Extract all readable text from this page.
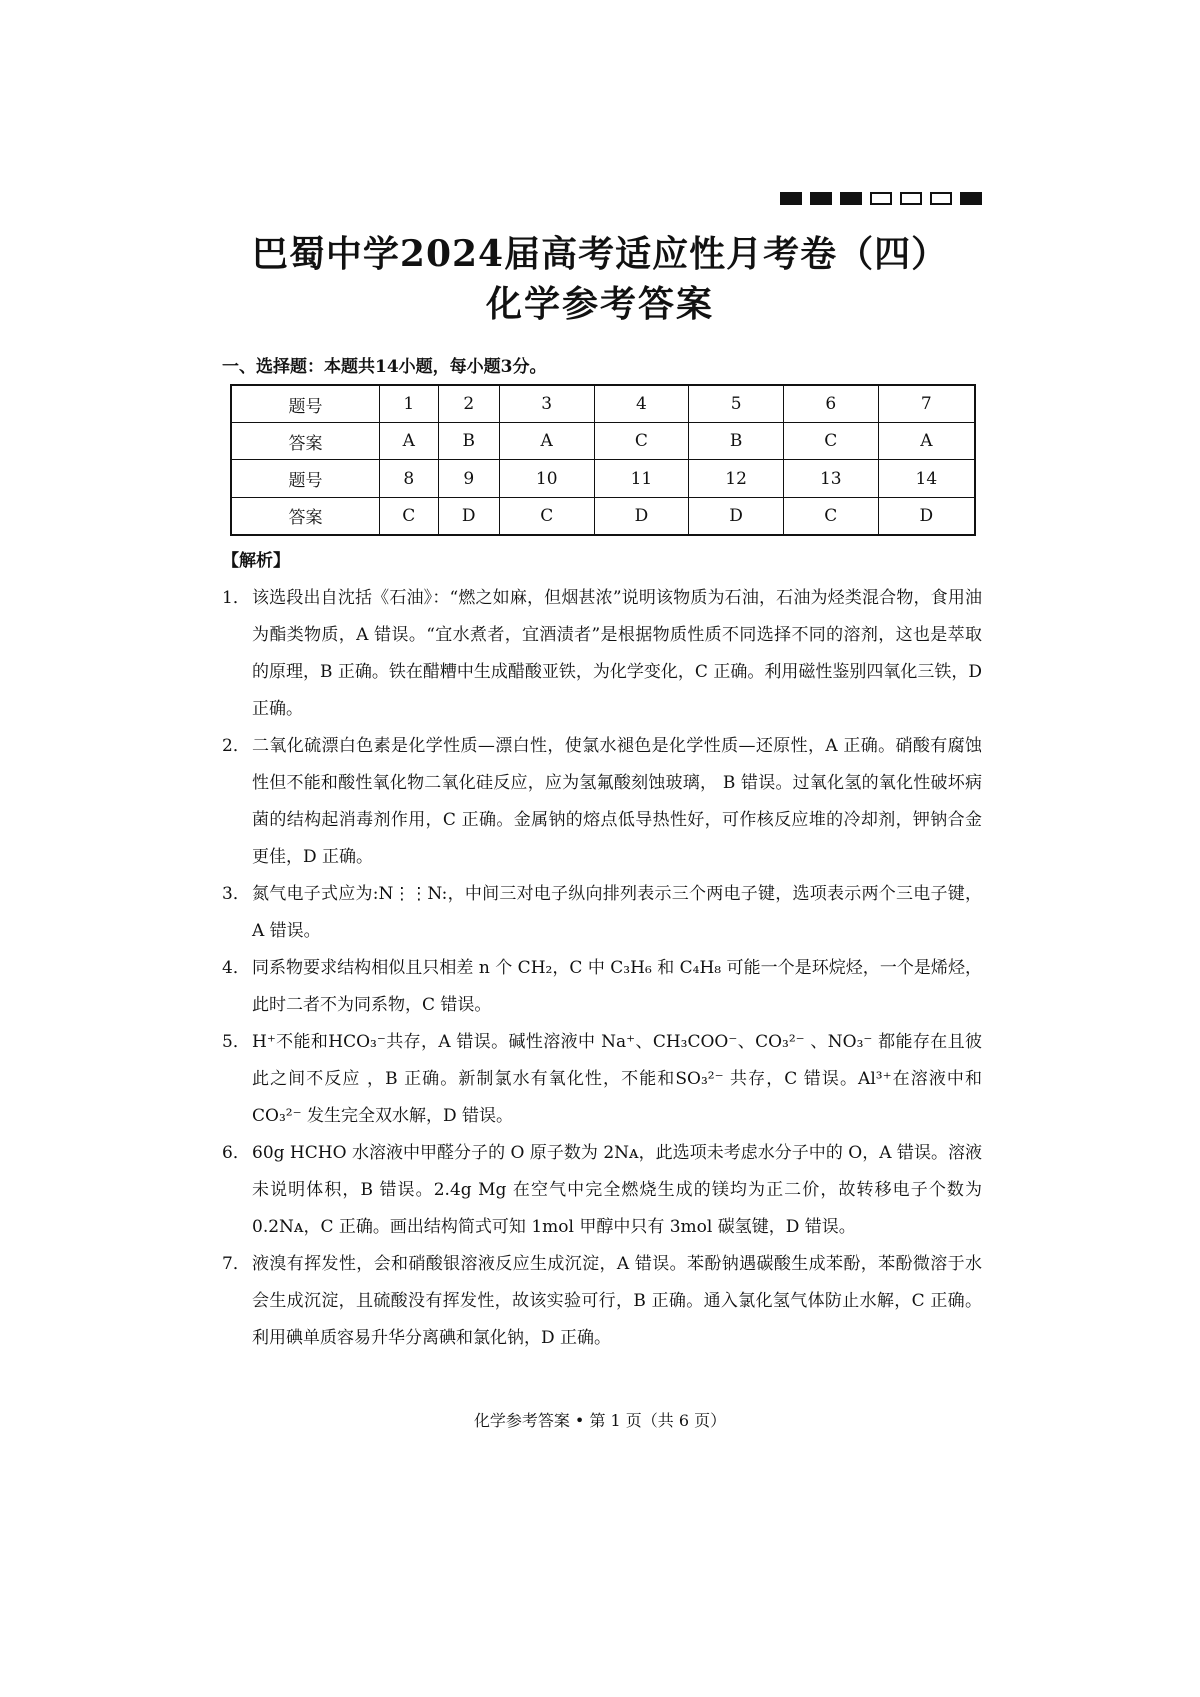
巴蜀中学2024届高考适应性月考卷（四）
化学参考答案
一、选择题：本题共14小题，每小题3分。
题号	1	2	3	4	5	6	7
答案	A	B	A	C	B	C	A
题号	8	9	10	11	12	13	14
答案	C	D	C	D	D	C	D
【解析】
1． 该选段出自沈括《石油》：“燃之如麻，但烟甚浓”说明该物质为石油，石油为烃类混合物，食用油为酯类物质，A 错误。“宜水煮者，宜酒渍者”是根据物质性质不同选择不同的溶剂，这也是萃取的原理，B 正确。铁在醋糟中生成醋酸亚铁，为化学变化，C 正确。利用磁性鉴别四氧化三铁，D 正确。
2． 二氧化硫漂白色素是化学性质—漂白性，使氯水褪色是化学性质—还原性，A 正确。硝酸有腐蚀性但不能和酸性氧化物二氧化硅反应，应为氢氟酸刻蚀玻璃， B 错误。过氧化氢的氧化性破坏病菌的结构起消毒剂作用，C 正确。金属钠的熔点低导热性好，可作核反应堆的冷却剂，钾钠合金更佳，D 正确。
3． 氮气电子式应为:N⋮⋮N:，中间三对电子纵向排列表示三个两电子键，选项表示两个三电子键，A 错误。
4． 同系物要求结构相似且只相差 n 个 CH₂，C 中 C₃H₆ 和 C₄H₈ 可能一个是环烷烃，一个是烯烃，此时二者不为同系物，C 错误。
5． H⁺不能和HCO₃⁻共存，A 错误。碱性溶液中 Na⁺、CH₃COO⁻、CO₃²⁻ 、NO₃⁻ 都能存在且彼此之间不反应 ，B 正确。新制氯水有氧化性，不能和SO₃²⁻ 共存，C 错误。Al³⁺在溶液中和CO₃²⁻ 发生完全双水解，D 错误。
6． 60g HCHO 水溶液中甲醛分子的 O 原子数为 2Nᴀ，此选项未考虑水分子中的 O，A 错误。溶液未说明体积，B 错误。2.4g Mg 在空气中完全燃烧生成的镁均为正二价，故转移电子个数为 0.2Nᴀ，C 正确。画出结构简式可知 1mol 甲醇中只有 3mol 碳氢键，D 错误。
7． 液溴有挥发性，会和硝酸银溶液反应生成沉淀，A 错误。苯酚钠遇碳酸生成苯酚，苯酚微溶于水会生成沉淀，且硫酸没有挥发性，故该实验可行，B 正确。通入氯化氢气体防止水解，C 正确。利用碘单质容易升华分离碘和氯化钠，D 正确。
化学参考答案 • 第 1 页（共 6 页）
